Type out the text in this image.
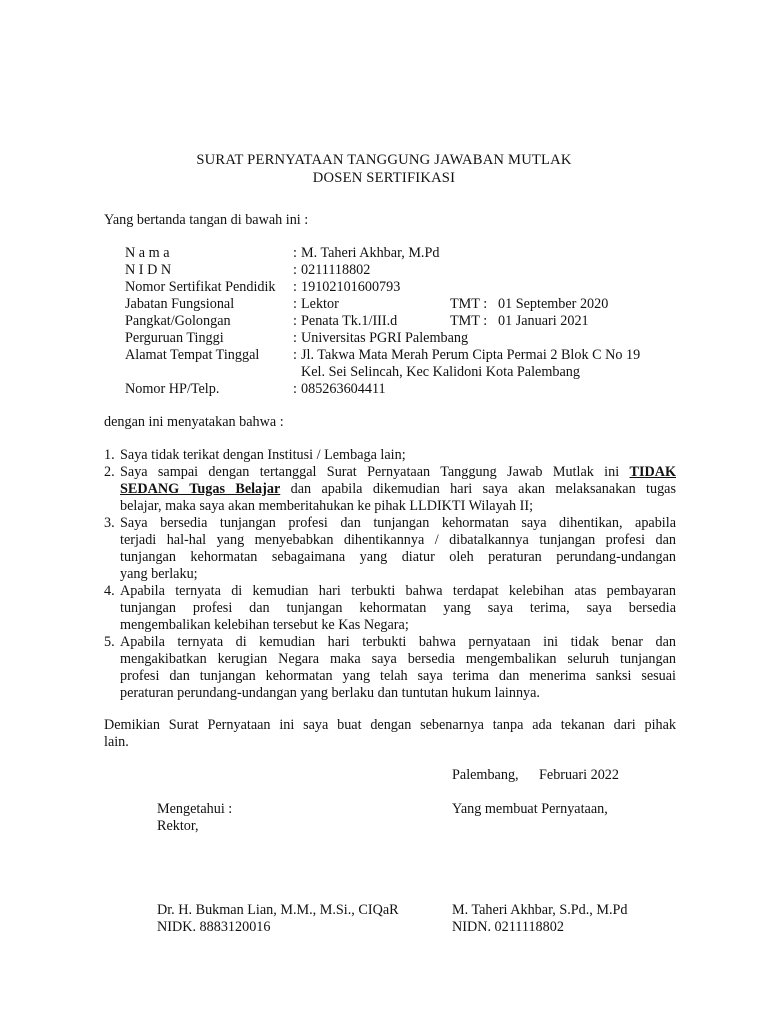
SURAT PERNYATAAN TANGGUNG JAWABAN MUTLAK
DOSEN SERTIFIKASI
Yang bertanda tangan di bawah ini :
N a m a	: M. Taheri Akhbar, M.Pd
N I D N	: 0211118802
Nomor Sertifikat Pendidik : 19102101600793
Jabatan Fungsional	: Lektor	TMT : 01 September 2020
Pangkat/Golongan	: Penata Tk.1/III.d	TMT : 01 Januari 2021
Perguruan Tinggi	: Universitas PGRI Palembang
Alamat Tempat Tinggal : Jl. Takwa Mata Merah Perum Cipta Permai 2 Blok C No 19
Kel. Sei Selincah, Kec Kalidoni Kota Palembang
Nomor HP/Telp.	: 085263604411
dengan ini menyatakan bahwa :
1. Saya tidak terikat dengan Institusi / Lembaga lain;
2. Saya sampai dengan tertanggal Surat Pernyataan Tanggung Jawab Mutlak ini TIDAK
SEDANG Tugas Belajar dan apabila dikemudian hari saya akan melaksanakan tugas
belajar, maka saya akan memberitahukan ke pihak LLDIKTI Wilayah II;
3. Saya bersedia tunjangan profesi dan tunjangan kehormatan saya dihentikan, apabila
terjadi hal-hal yang menyebabkan dihentikannya / dibatalkannya tunjangan profesi dan
tunjangan kehormatan sebagaimana yang diatur oleh peraturan perundang-undangan
yang berlaku;
4. Apabila ternyata di kemudian hari terbukti bahwa terdapat kelebihan atas pembayaran
tunjangan profesi dan tunjangan kehormatan yang saya terima, saya bersedia
mengembalikan kelebihan tersebut ke Kas Negara;
5. Apabila ternyata di kemudian hari terbukti bahwa pernyataan ini tidak benar dan
mengakibatkan kerugian Negara maka saya bersedia mengembalikan seluruh tunjangan
profesi dan tunjangan kehormatan yang telah saya terima dan menerima sanksi sesuai
peraturan perundang-undangan yang berlaku dan tuntutan hukum lainnya.
Demikian Surat Pernyataan ini saya buat dengan sebenarnya tanpa ada tekanan dari pihak
lain.
Palembang, Februari 2022
Mengetahui :
Rektor,
Dr. H. Bukman Lian, M.M., M.Si., CIQaR
NIDK. 8883120016
Yang membuat Pernyataan,
M. Taheri Akhbar, S.Pd., M.Pd
NIDN. 0211118802
